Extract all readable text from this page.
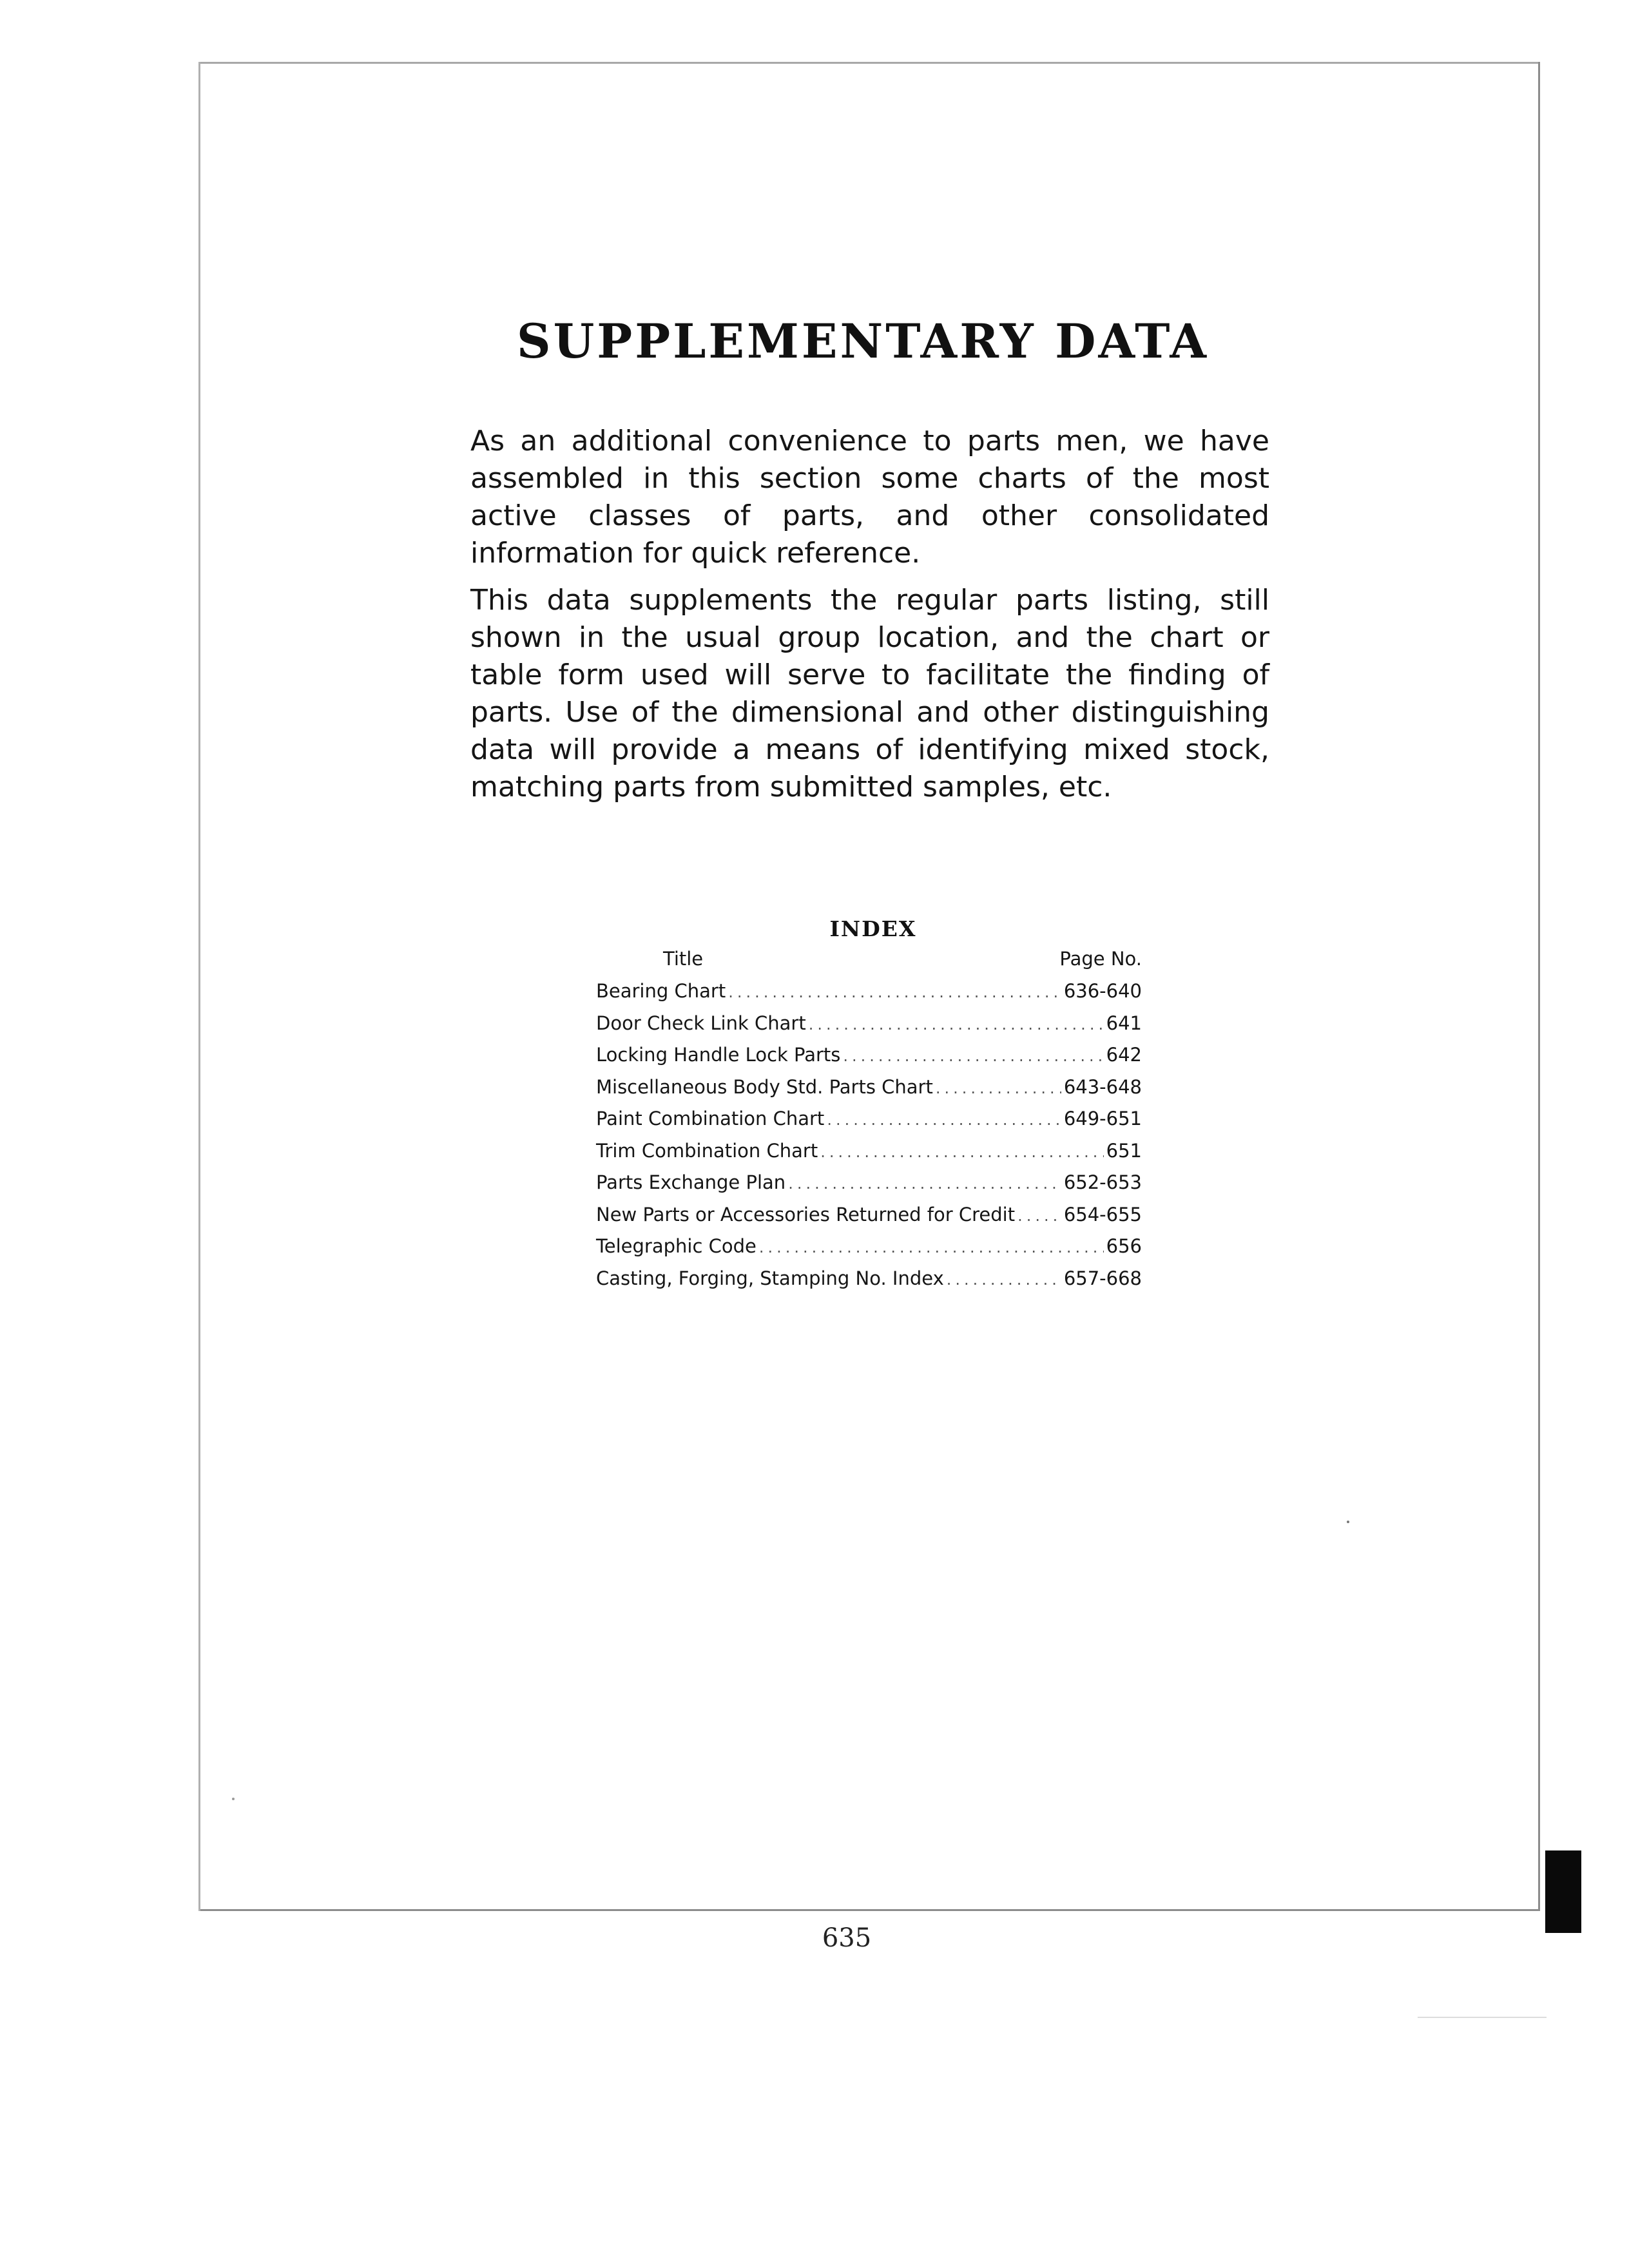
SUPPLEMENTARY DATA

As an additional convenience to parts men, we have assembled in this section some charts of the most active classes of parts, and other consolidated information for quick reference.

This data supplements the regular parts listing, still shown in the usual group location, and the chart or table form used will serve to facilitate the finding of parts. Use of the dimensional and other distinguishing data will provide a means of identifying mixed stock, matching parts from submitted samples, etc.

INDEX
Title	Page No.
Bearing Chart .....	636-640
Door Check Link Chart .....	641
Locking Handle Lock Parts .....	642
Miscellaneous Body Std. Parts Chart .....	643-648
Paint Combination Chart .....	649-651
Trim Combination Chart .....	651
Parts Exchange Plan .....	652-653
New Parts or Accessories Returned for Credit .....	654-655
Telegraphic Code .....	656
Casting, Forging, Stamping No. Index .....	657-668
635
